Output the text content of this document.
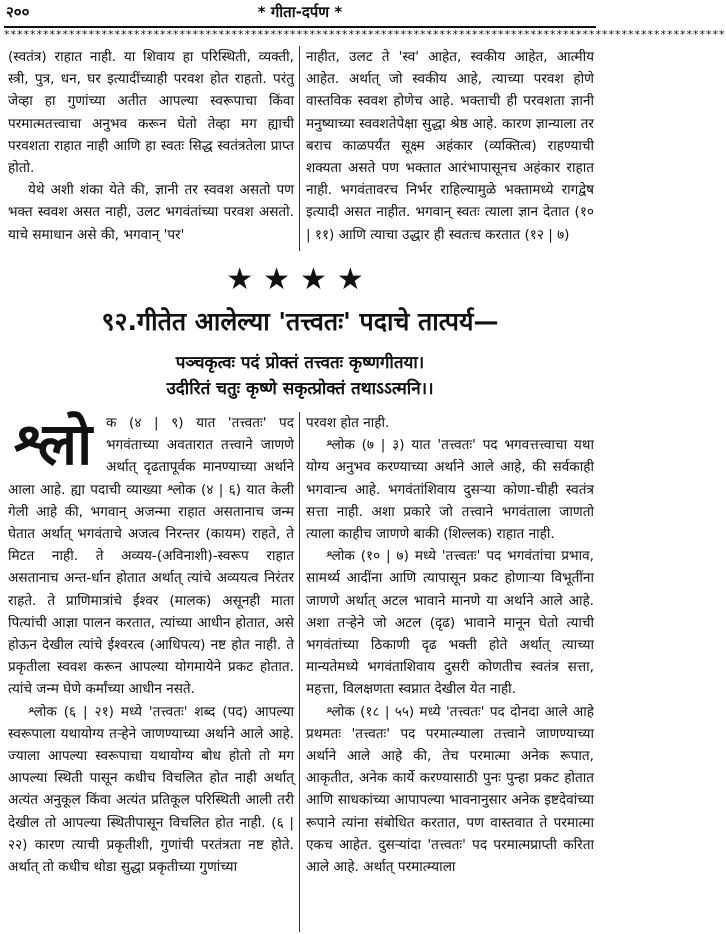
२००	* गीता-दर्पण *
***************************************************************************************************************

(स्वतंत्र) राहात नाही. या शिवाय हा परिस्थिती, व्यक्ती, स्त्री, पुत्र, धन, घर इत्यादींच्याही परवश होत राहतो. परंतु जेव्हा हा गुणांच्या अतीत आपल्या स्वरूपाचा किंवा परमात्मतत्त्वाचा अनुभव करून घेतो तेव्हा मग ह्याची परवशता राहात नाही आणि हा स्वतः सिद्ध स्वतंत्रतेला प्राप्त होतो.

येथे अशी शंका येते की, ज्ञानी तर स्ववश असतो पण भक्त स्ववश असत नाही, उलट भगवंतांच्या परवश असतो. याचे समाधान असे की, भगवान् 'पर'

नाहीत, उलट ते 'स्व' आहेत, स्वकीय आहेत, आत्मीय आहेत. अर्थात् जो स्वकीय आहे, त्याच्या परवश होणे वास्तविक स्ववश होणेच आहे. भक्ताची ही परवशता ज्ञानी मनुष्याच्या स्ववशतेपेक्षा सुद्धा श्रेष्ठ आहे. कारण ज्ञान्याला तर बराच काळपर्यंत सूक्ष्म अहंकार (व्यक्तित्व) राहण्याची शक्यता असते पण भक्तात आरंभापासूनच अहंकार राहात नाही. भगवंतावरच निर्भर राहिल्यामुळे भक्तामध्ये रागद्वेष इत्यादी असत नाहीत. भगवान् स्वतः त्याला ज्ञान देतात (१० | ११) आणि त्याचा उद्धार ही स्वतःच करतात (१२ | ७)

★★★★
९२.गीतेत आलेल्या 'तत्त्वतः' पदाचे तात्पर्य—
पञ्चकृत्वः पदं प्रोक्तं तत्त्वतः कृष्णगीतया।
उदीरितं चतुः कृष्णे सकृत्प्रोक्तं तथाऽऽत्मनि।।

श्लो	क (४ | ९) यात 'तत्त्वतः' पद भगवंताच्या अवतारात तत्त्वाने जाणणे अर्थात् दृढतापूर्वक मानण्याच्या अर्थाने आला आहे. ह्या पदाची व्याख्या श्लोक (४ | ६) यात केली गेली आहे की, भगवान् अजन्मा राहात असतानाच जन्म घेतात अर्थात् भगवंताचे अजत्व निरन्तर (कायम) राहते, ते मिटत नाही. ते अव्यय-(अविनाशी)-स्वरूप राहात असतानाच अन्त-र्धान होतात अर्थात् त्यांचे अव्ययत्व निरंतर राहते. ते प्राणिमात्रांचे ईश्वर (मालक) असूनही माता पित्यांची आज्ञा पालन करतात, त्यांच्या आधीन होतात, असे होऊन देखील त्यांचे ईश्वरत्व (आधिपत्य) नष्ट होत नाही. ते प्रकृतीला स्ववश करून आपल्या योगमायेने प्रकट होतात. त्यांचे जन्म घेणे कर्मांच्या आधीन नसते.

श्लोक (६ | २१) मध्ये 'तत्त्वतः' शब्द (पद) आपल्या स्वरूपाला यथायोग्य तऱ्हेने जाणण्याच्या अर्थाने आले आहे. ज्याला आपल्या स्वरूपाचा यथायोग्य बोध होतो तो मग आपल्या स्थिती पासून कधीच विचलित होत नाही अर्थात् अत्यंत अनुकूल किंवा अत्यंत प्रतिकूल परिस्थिती आली तरी देखील तो आपल्या स्थितीपासून विचलित होत नाही. (६ | २२) कारण त्याची प्रकृतीशी, गुणांची परतंत्रता नष्ट होते. अर्थात् तो कधीच थोडा सुद्धा प्रकृतीच्या गुणांच्या

परवश होत नाही.

श्लोक (७ | ३) यात 'तत्त्वतः' पद भगवत्तत्त्वाचा यथा योग्य अनुभव करण्याच्या अर्थाने आले आहे, की सर्वकाही भगवान्च आहे. भगवंतांशिवाय दुसऱ्या कोणा-चीही स्वतंत्र सत्ता नाही. अशा प्रकारे जो तत्त्वाने भगवंताला जाणतो त्याला काहीच जाणणे बाकी (शिल्लक) राहात नाही.

श्लोक (१० | ७) मध्ये 'तत्त्वतः' पद भगवंतांचा प्रभाव, सामर्थ्य आदींना आणि त्यापासून प्रकट होणाऱ्या विभूतींना जाणणे अर्थात् अटल भावाने मानणे या अर्थाने आले आहे. अशा तऱ्हेने जो अटल (दृढ) भावाने मानून घेतो त्याची भगवंतांच्या ठिकाणी दृढ भक्ती होते अर्थात् त्याच्या मान्यतेमध्ये भगवंताशिवाय दुसरी कोणतीच स्वतंत्र सत्ता, महत्ता, विलक्षणता स्वप्नात देखील येत नाही.

श्लोक (१८ | ५५) मध्ये 'तत्त्वतः' पद दोनदा आले आहे प्रथमतः 'तत्त्वतः' पद परमात्म्याला तत्त्वाने जाणण्याच्या अर्थाने आले आहे की, तेच परमात्मा अनेक रूपात, आकृतीत, अनेक कार्ये करण्यासाठी पुनः पुन्हा प्रकट होतात आणि साधकांच्या आपापल्या भावनानुसार अनेक इष्टदेवांच्या रूपाने त्यांना संबोधित करतात, पण वास्तवात ते परमात्मा एकच आहेत. दुसऱ्यांदा 'तत्त्वतः' पद परमात्मप्राप्ती करिता आले आहे. अर्थात् परमात्म्याला
